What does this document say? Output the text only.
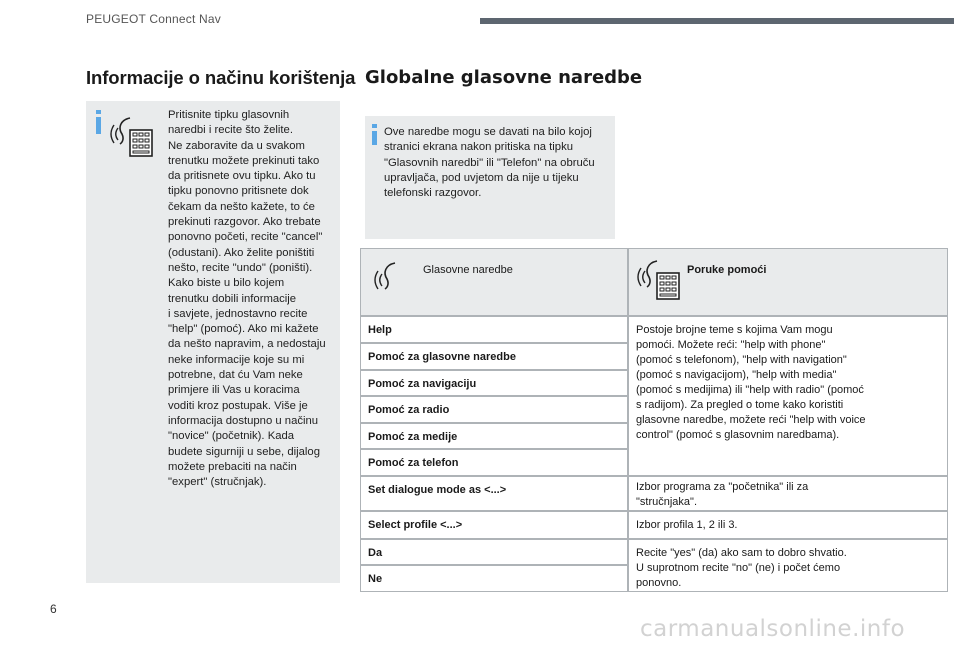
PEUGEOT Connect Nav
Informacije o načinu korištenja
Pritisnite tipku glasovnih
naredbi i recite što želite.
Ne zaboravite da u svakom
trenutku možete prekinuti tako
da pritisnete ovu tipku. Ako tu
tipku ponovno pritisnete dok
čekam da nešto kažete, to će
prekinuti razgovor. Ako trebate
ponovno početi, recite "cancel"
(odustani). Ako želite poništiti
nešto, recite "undo" (poništi).
Kako biste u bilo kojem
trenutku dobili informacije
i savjete, jednostavno recite
"help" (pomoć). Ako mi kažete
da nešto napravim, a nedostaju
neke informacije koje su mi
potrebne, dat ću Vam neke
primjere ili Vas u koracima
voditi kroz postupak. Više je
informacija dostupno u načinu
"novice" (početnik). Kada
budete sigurniji u sebe, dijalog
možete prebaciti na način
"expert" (stručnjak).
Globalne glasovne naredbe
Ove naredbe mogu se davati na bilo kojoj
stranici ekrana nakon pritiska na tipku
"Glasovnih naredbi" ili "Telefon" na obruču
upravljača, pod uvjetom da nije u tijeku
telefonski razgovor.
Glasovne naredbe	Poruke pomoći
Help
Pomoć za glasovne naredbe
Pomoć za navigaciju
Pomoć za radio
Pomoć za medije
Pomoć za telefon
Set dialogue mode as <...>
Select profile <...>
Da
Ne
Postoje brojne teme s kojima Vam mogu
pomoći. Možete reći: "help with phone"
(pomoć s telefonom), "help with navigation"
(pomoć s navigacijom), "help with media"
(pomoć s medijima) ili "help with radio" (pomoć
s radijom). Za pregled o tome kako koristiti
glasovne naredbe, možete reći "help with voice
control" (pomoć s glasovnim naredbama).
Izbor programa za "početnika" ili za
"stručnjaka".
Izbor profila 1, 2 ili 3.
Recite "yes" (da) ako sam to dobro shvatio.
U suprotnom recite "no" (ne) i počet ćemo
ponovno.
6
carmanualsonline.info
